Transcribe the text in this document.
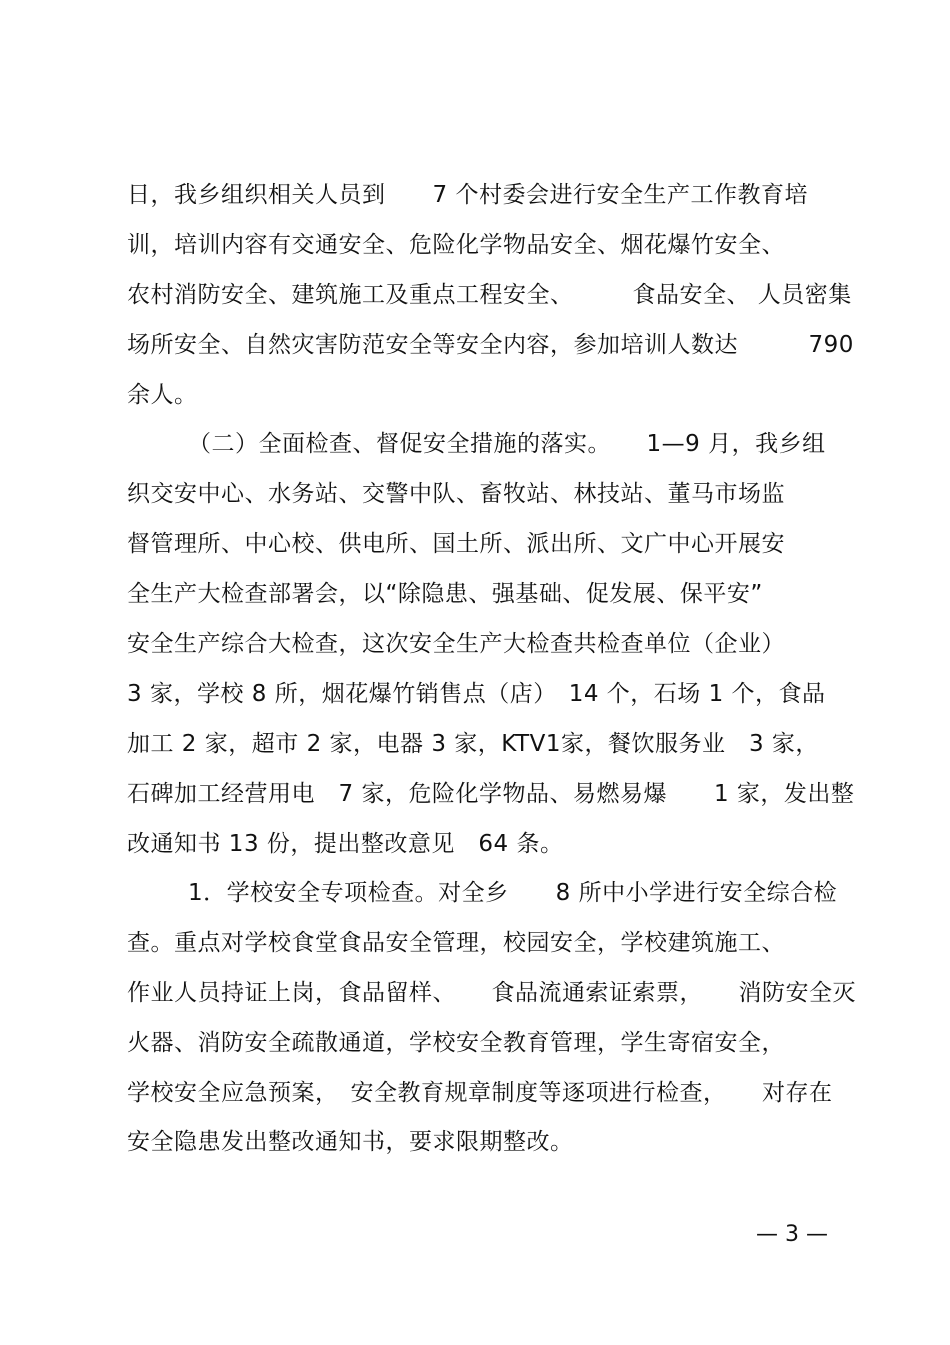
日，我乡组织相关人员到　　7 个村委会进行安全生产工作教育培
训，培训内容有交通安全、危险化学物品安全、烟花爆竹安全、
农村消防安全、建筑施工及重点工程安全、　　　食品安全、 人员密集
场所安全、自然灾害防范安全等安全内容，参加培训人数达　　　790
余人。
（二）全面检查、督促安全措施的落实。　　1—9 月，我乡组
织交安中心、水务站、交警中队、畜牧站、林技站、董马市场监
督管理所、中心校、供电所、国土所、派出所、文广中心开展安
全生产大检查部署会，以“除隐患、强基础、促发展、保平安”
安全生产综合大检查，这次安全生产大检查共检查单位（企业）
3 家，学校 8 所，烟花爆竹销售点（店）　14 个，石场 1 个，食品
加工 2 家，超市 2 家，电器 3 家，KTV1家，餐饮服务业　3 家，
石碑加工经营用电　7 家，危险化学物品、易燃易爆　　1 家，发出整
改通知书 13 份，提出整改意见　64 条。
1．学校安全专项检查。对全乡　　8 所中小学进行安全综合检
查。重点对学校食堂食品安全管理，校园安全，学校建筑施工、
作业人员持证上岗，食品留样、　　食品流通索证索票，　　消防安全灭
火器、消防安全疏散通道，学校安全教育管理，学生寄宿安全，
学校安全应急预案，　安全教育规章制度等逐项进行检查，　　对存在
安全隐患发出整改通知书，要求限期整改。
— 3 —
